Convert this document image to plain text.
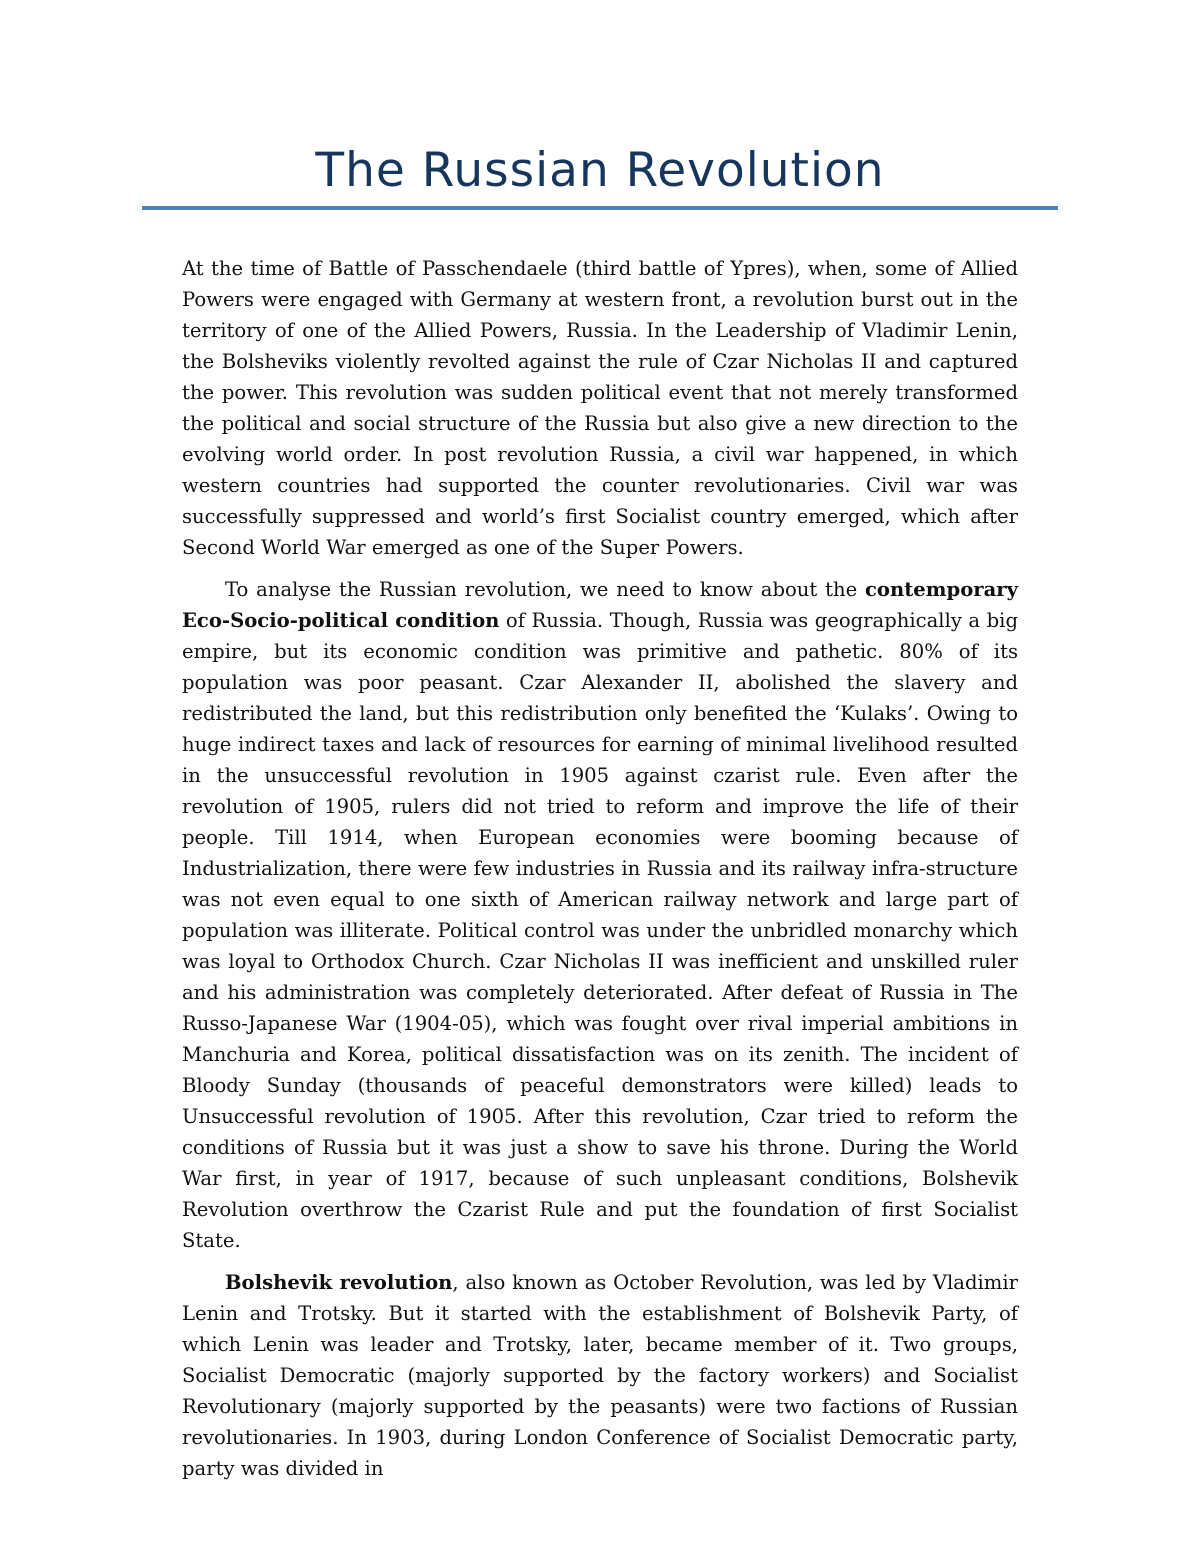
The Russian Revolution

At the time of Battle of Passchendaele (third battle of Ypres), when, some of Allied Powers were engaged with Germany at western front, a revolution burst out in the territory of one of the Allied Powers, Russia. In the Leadership of Vladimir Lenin, the Bolsheviks violently revolted against the rule of Czar Nicholas II and captured the power. This revolution was sudden political event that not merely transformed the political and social structure of the Russia but also give a new direction to the evolving world order. In post revolution Russia, a civil war happened, in which western countries had supported the counter revolutionaries. Civil war was successfully suppressed and world’s first Socialist country emerged, which after Second World War emerged as one of the Super Powers.

To analyse the Russian revolution, we need to know about the contemporary Eco-Socio-political condition of Russia. Though, Russia was geographically a big empire, but its economic condition was primitive and pathetic. 80% of its population was poor peasant. Czar Alexander II, abolished the slavery and redistributed the land, but this redistribution only benefited the ‘Kulaks’. Owing to huge indirect taxes and lack of resources for earning of minimal livelihood resulted in the unsuccessful revolution in 1905 against czarist rule. Even after the revolution of 1905, rulers did not tried to reform and improve the life of their people. Till 1914, when European economies were booming because of Industrialization, there were few industries in Russia and its railway infra-structure was not even equal to one sixth of American railway network and large part of population was illiterate. Political control was under the unbridled monarchy which was loyal to Orthodox Church. Czar Nicholas II was inefficient and unskilled ruler and his administration was completely deteriorated. After defeat of Russia in The Russo-Japanese War (1904-05), which was fought over rival imperial ambitions in Manchuria and Korea, political dissatisfaction was on its zenith. The incident of Bloody Sunday (thousands of peaceful demonstrators were killed) leads to Unsuccessful revolution of 1905. After this revolution, Czar tried to reform the conditions of Russia but it was just a show to save his throne. During the World War first, in year of 1917, because of such unpleasant conditions, Bolshevik Revolution overthrow the Czarist Rule and put the foundation of first Socialist State.

Bolshevik revolution, also known as October Revolution, was led by Vladimir Lenin and Trotsky. But it started with the establishment of Bolshevik Party, of which Lenin was leader and Trotsky, later, became member of it. Two groups, Socialist Democratic (majorly supported by the factory workers) and Socialist Revolutionary (majorly supported by the peasants) were two factions of Russian revolutionaries. In 1903, during London Conference of Socialist Democratic party, party was divided in
